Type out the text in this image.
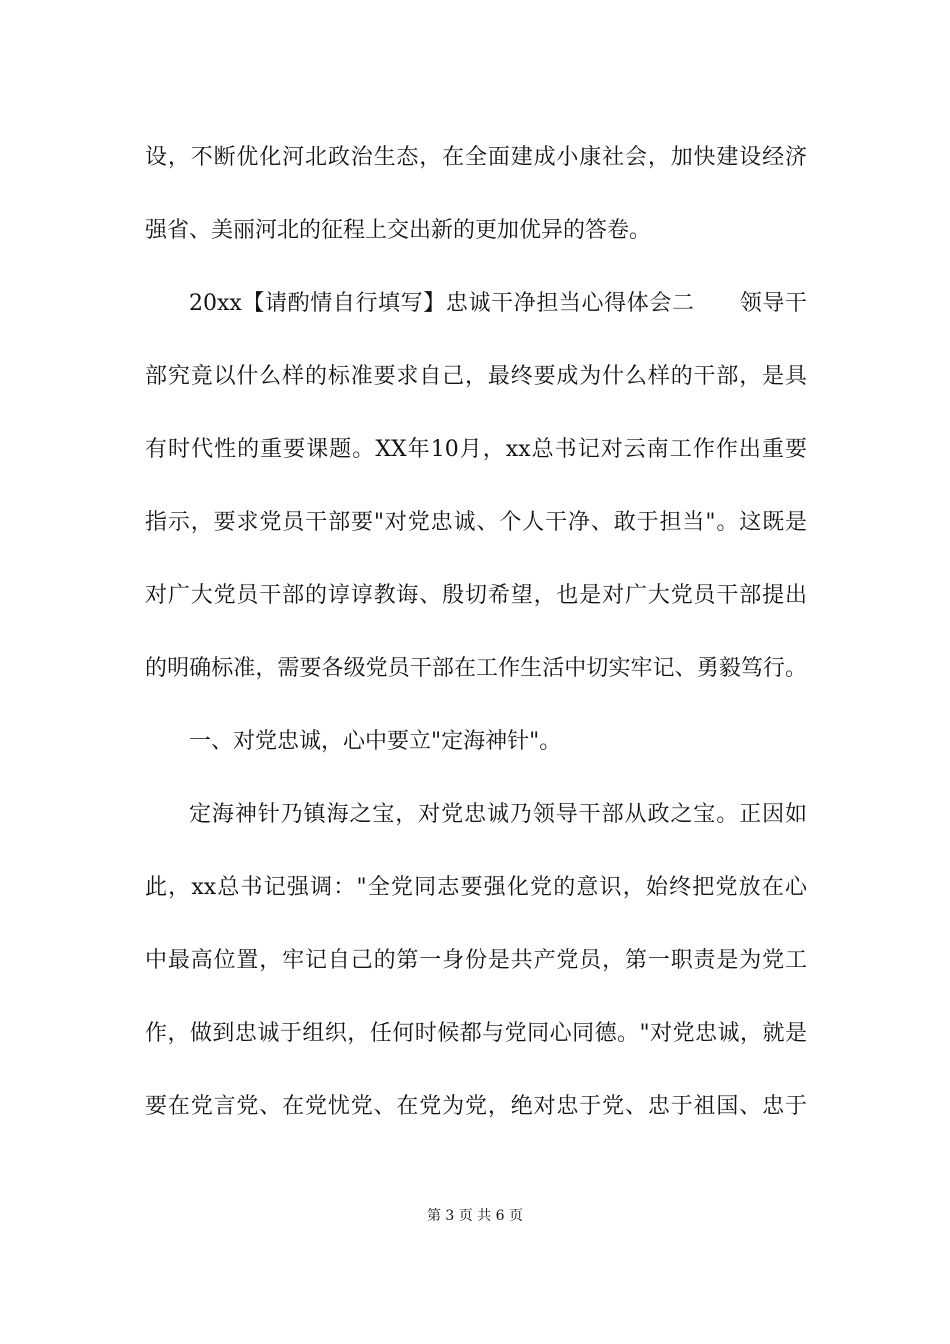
设，不断优化河北政治生态，在全面建成小康社会，加快建设经济
强省、美丽河北的征程上交出新的更加优异的答卷。
20xx【请酌情自行填写】忠诚干净担当心得体会二　　领导干
部究竟以什么样的标准要求自己，最终要成为什么样的干部，是具
有时代性的重要课题。XX年10月，xx总书记对云南工作作出重要
指示，要求党员干部要"对党忠诚、个人干净、敢于担当"。这既是
对广大党员干部的谆谆教诲、殷切希望，也是对广大党员干部提出
的明确标准，需要各级党员干部在工作生活中切实牢记、勇毅笃行。
一、对党忠诚，心中要立"定海神针"。
定海神针乃镇海之宝，对党忠诚乃领导干部从政之宝。正因如
此，xx总书记强调："全党同志要强化党的意识，始终把党放在心
中最高位置，牢记自己的第一身份是共产党员，第一职责是为党工
作，做到忠诚于组织，任何时候都与党同心同德。"对党忠诚，就是
要在党言党、在党忧党、在党为党，绝对忠于党、忠于祖国、忠于
第 3 页 共 6 页
